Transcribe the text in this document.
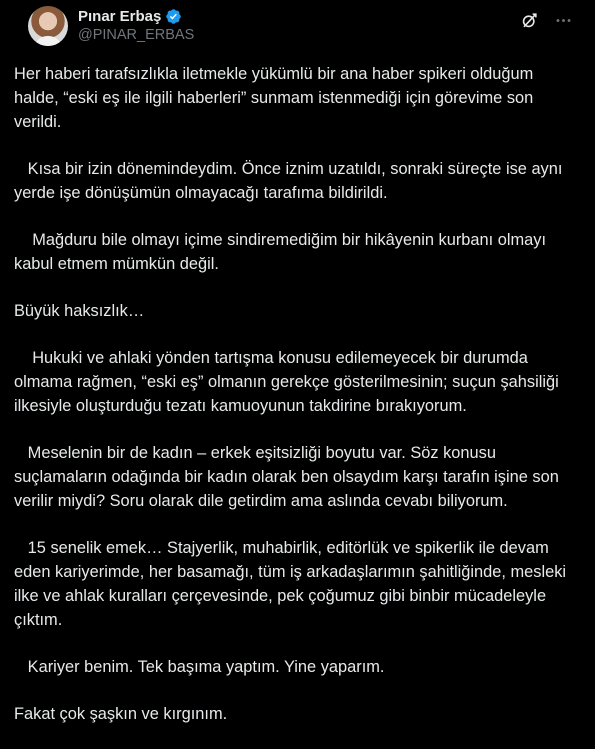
Pınar Erbaş
@PINAR_ERBAS

Her haberi tarafsızlıkla iletmekle yükümlü bir ana haber spikeri olduğum halde, “eski eş ile ilgili haberleri” sunmam istenmediği için görevime son verildi.

Kısa bir izin dönemindeydim. Önce iznim uzatıldı, sonraki süreçte ise aynı yerde işe dönüşümün olmayacağı tarafıma bildirildi.

Mağduru bile olmayı içime sindiremediğim bir hikâyenin kurbanı olmayı kabul etmem mümkün değil.

Büyük haksızlık…

Hukuki ve ahlaki yönden tartışma konusu edilemeyecek bir durumda olmama rağmen, “eski eş” olmanın gerekçe gösterilmesinin; suçun şahsiliği ilkesiyle oluşturduğu tezatı kamuoyunun takdirine bırakıyorum.

Meselenin bir de kadın – erkek eşitsizliği boyutu var. Söz konusu suçlamaların odağında bir kadın olarak ben olsaydım karşı tarafın işine son verilir miydi? Soru olarak dile getirdim ama aslında cevabı biliyorum.

15 senelik emek… Stajyerlik, muhabirlik, editörlük ve spikerlik ile devam eden kariyerimde, her basamağı, tüm iş arkadaşlarımın şahitliğinde, mesleki ilke ve ahlak kuralları çerçevesinde, pek çoğumuz gibi binbir mücadeleyle çıktım.

Kariyer benim. Tek başıma yaptım. Yine yaparım.

Fakat çok şaşkın ve kırgınım.
